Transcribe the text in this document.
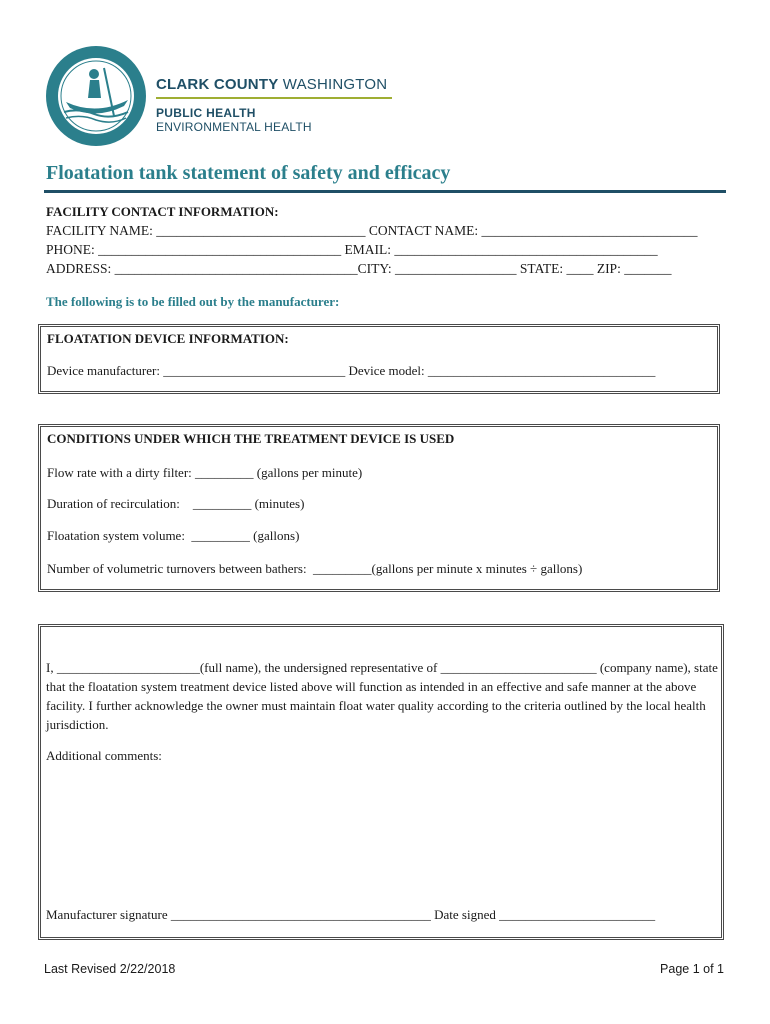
CLARK COUNTY WASHINGTON
PUBLIC HEALTH
ENVIRONMENTAL HEALTH
Floatation tank statement of safety and efficacy
FACILITY CONTACT INFORMATION:
FACILITY NAME: _______________________________ CONTACT NAME: ________________________________
PHONE: ____________________________________ EMAIL: _______________________________________
ADDRESS: ____________________________________CITY: __________________ STATE: ____ ZIP: _______
The following is to be filled out by the manufacturer:
FLOATATION DEVICE INFORMATION:
Device manufacturer: ____________________________ Device model: ___________________________________
CONDITIONS UNDER WHICH THE TREATMENT DEVICE IS USED
Flow rate with a dirty filter: _________ (gallons per minute)
Duration of recirculation:    _________ (minutes)
Floatation system volume:  _________ (gallons)
Number of volumetric turnovers between bathers:  _________(gallons per minute x minutes ÷ gallons)
I, ______________________(full name), the undersigned representative of ________________________ (company name), state that the floatation system treatment device listed above will function as intended in an effective and safe manner at the above facility. I further acknowledge the owner must maintain float water quality according to the criteria outlined by the local health jurisdiction.
Additional comments:
Manufacturer signature ________________________________________ Date signed ________________________
Last Revised 2/22/2018	Page 1 of 1
